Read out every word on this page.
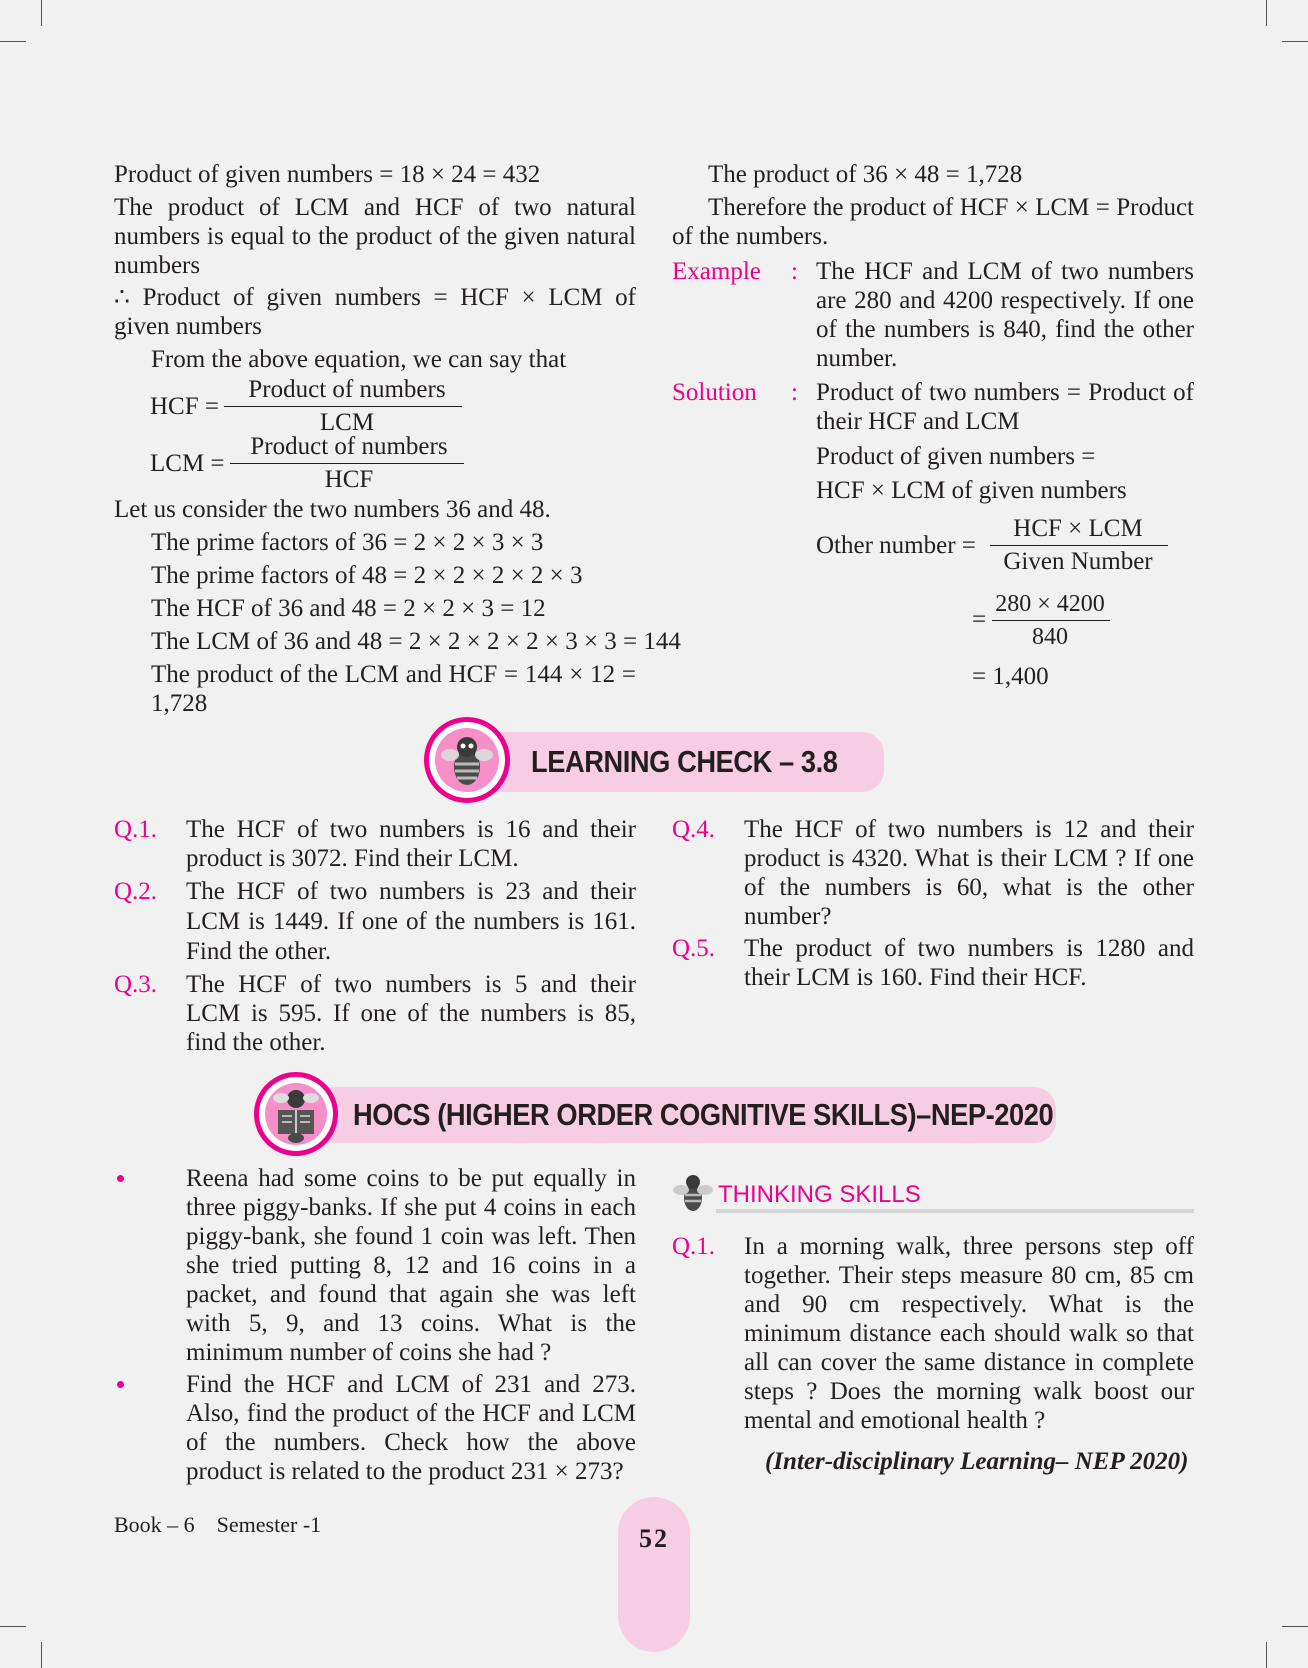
Product of given numbers = 18 × 24 = 432
The product of LCM and HCF of two natural numbers is equal to the product of the given natural numbers
∴ Product of given numbers = HCF × LCM of given numbers
From the above equation, we can say that
HCF =
Product of numbers
LCM
LCM =
Product of numbers
HCF
Let us consider the two numbers 36 and 48.
The prime factors of 36 = 2 × 2 × 3 × 3
The prime factors of 48 = 2 × 2 × 2 × 2 × 3
The HCF of 36 and 48 = 2 × 2 × 3 = 12
The LCM of 36 and 48 = 2 × 2 × 2 × 2 × 3 × 3 = 144
The product of the LCM and HCF = 144 × 12 = 1,728
The product of 36 × 48 = 1,728
Therefore the product of HCF × LCM = Product of the numbers.
Example : The HCF and LCM of two numbers are 280 and 4200 respectively. If one of the numbers is 840, find the other number.
Solution : Product of two numbers = Product of their HCF and LCM
Product of given numbers =
HCF × LCM of given numbers
Other number =
HCF × LCM
Given Number
=
280 × 4200
840
= 1,400
LEARNING CHECK – 3.8
Q.1. The HCF of two numbers is 16 and their product is 3072. Find their LCM.
Q.2. The HCF of two numbers is 23 and their LCM is 1449. If one of the numbers is 161. Find the other.
Q.3. The HCF of two numbers is 5 and their LCM is 595. If one of the numbers is 85, find the other.
Q.4. The HCF of two numbers is 12 and their product is 4320. What is their LCM ? If one of the numbers is 60, what is the other number?
Q.5. The product of two numbers is 1280 and their LCM is 160. Find their HCF.
HOCS (HIGHER ORDER COGNITIVE SKILLS)–NEP-2020
Reena had some coins to be put equally in three piggy-banks. If she put 4 coins in each piggy-bank, she found 1 coin was left. Then she tried putting 8, 12 and 16 coins in a packet, and found that again she was left with 5, 9, and 13 coins. What is the minimum number of coins she had ?
Find the HCF and LCM of 231 and 273. Also, find the product of the HCF and LCM of the numbers. Check how the above product is related to the product 231 × 273?
THINKING SKILLS
Q.1. In a morning walk, three persons step off together. Their steps measure 80 cm, 85 cm and 90 cm respectively. What is the minimum distance each should walk so that all can cover the same distance in complete steps ? Does the morning walk boost our mental and emotional health ?
(Inter-disciplinary Learning– NEP 2020)
Book – 6    Semester -1	52
